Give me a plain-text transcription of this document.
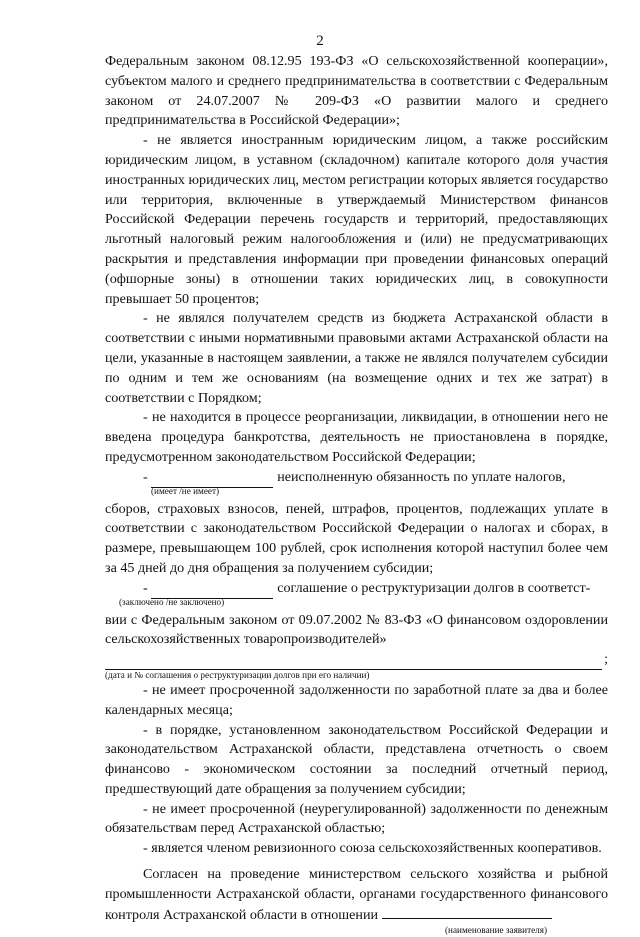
2

Федеральным законом 08.12.95 193-ФЗ «О сельскохозяйственной кооперации», субъектом малого и среднего предпринимательства в соответствии с Федеральным законом от 24.07.2007 № 209-ФЗ «О развитии малого и среднего предпринимательства в Российской Федерации»;

- не является иностранным юридическим лицом, а также российским юридическим лицом, в уставном (складочном) капитале которого доля участия иностранных юридических лиц, местом регистрации которых является государство или территория, включенные в утверждаемый Министерством финансов Российской Федерации перечень государств и территорий, предоставляющих льготный налоговый режим налогообложения и (или) не предусматривающих раскрытия и представления информации при проведении финансовых операций (офшорные зоны) в отношении таких юридических лиц, в совокупности превышает 50 процентов;

- не являлся получателем средств из бюджета Астраханской области в соответствии с иными нормативными правовыми актами Астраханской области на цели, указанные в настоящем заявлении, а также не являлся получателем субсидии по одним и тем же основаниям (на возмещение одних и тех же затрат) в соответствии с Порядком;

- не находится в процессе реорганизации, ликвидации, в отношении него не введена процедура банкротства, деятельность не приостановлена в порядке, предусмотренном законодательством Российской Федерации;

-	неисполненную обязанность по уплате налогов,
(имеет /не имеет)

сборов, страховых взносов, пеней, штрафов, процентов, подлежащих уплате в соответствии с законодательством Российской Федерации о налогах и сборах, в размере, превышающем 100 рублей, срок исполнения которой наступил более чем за 45 дней до дня обращения за получением субсидии;

-	соглашение о реструктуризации долгов в соответст-
(заключено /не заключено)

вии с Федеральным законом от 09.07.2002 № 83-ФЗ «О финансовом оздоровлении сельскохозяйственных товаропроизводителей»

;
(дата и № соглашения о реструктуризации долгов при его наличии)

- не имеет просроченной задолженности по заработной плате за два и более календарных месяца;

- в порядке, установленном законодательством Российской Федерации и законодательством Астраханской области, представлена отчетность о своем финансово - экономическом состоянии за последний отчетный период, предшествующий дате обращения за получением субсидии;

- не имеет просроченной (неурегулированной) задолженности по денежным обязательствам перед Астраханской областью;

- является членом ревизионного союза сельскохозяйственных кооперативов.

Согласен на проведение министерством сельского хозяйства и рыбной промышленности Астраханской области, органами государственного финансового контроля Астраханской области в отношении

(наименование заявителя)
